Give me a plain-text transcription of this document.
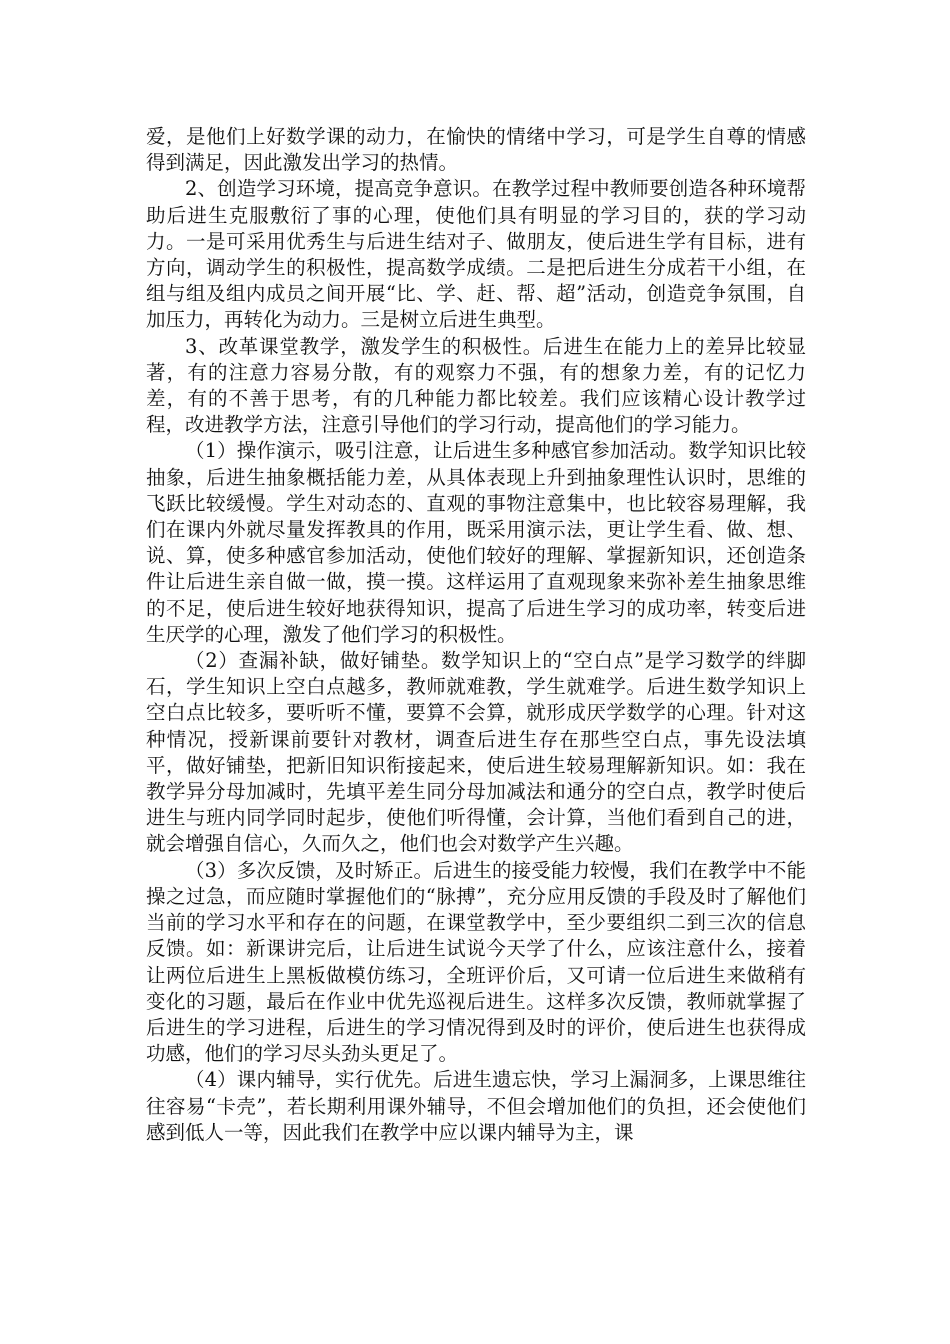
爱，是他们上好数学课的动力，在愉快的情绪中学习，可是学生自尊的情感得到满足，因此激发出学习的热情。

2、创造学习环境，提高竞争意识。在教学过程中教师要创造各种环境帮助后进生克服敷衍了事的心理，使他们具有明显的学习目的，获的学习动力。一是可采用优秀生与后进生结对子、做朋友，使后进生学有目标，进有方向，调动学生的积极性，提高数学成绩。二是把后进生分成若干小组，在组与组及组内成员之间开展“比、学、赶、帮、超”活动，创造竞争氛围，自加压力，再转化为动力。三是树立后进生典型。

3、改革课堂教学，激发学生的积极性。后进生在能力上的差异比较显著，有的注意力容易分散，有的观察力不强，有的想象力差，有的记忆力差，有的不善于思考，有的几种能力都比较差。我们应该精心设计教学过程，改进教学方法，注意引导他们的学习行动，提高他们的学习能力。

（1）操作演示，吸引注意，让后进生多种感官参加活动。数学知识比较抽象，后进生抽象概括能力差，从具体表现上升到抽象理性认识时，思维的飞跃比较缓慢。学生对动态的、直观的事物注意集中，也比较容易理解，我们在课内外就尽量发挥教具的作用，既采用演示法，更让学生看、做、想、说、算，使多种感官参加活动，使他们较好的理解、掌握新知识，还创造条件让后进生亲自做一做，摸一摸。这样运用了直观现象来弥补差生抽象思维的不足，使后进生较好地获得知识，提高了后进生学习的成功率，转变后进生厌学的心理，激发了他们学习的积极性。

（2）查漏补缺，做好铺垫。数学知识上的“空白点”是学习数学的绊脚石，学生知识上空白点越多，教师就难教，学生就难学。后进生数学知识上空白点比较多，要听听不懂，要算不会算，就形成厌学数学的心理。针对这种情况，授新课前要针对教材，调查后进生存在那些空白点，事先设法填平，做好铺垫，把新旧知识衔接起来，使后进生较易理解新知识。如：我在教学异分母加减时，先填平差生同分母加减法和通分的空白点，教学时使后进生与班内同学同时起步，使他们听得懂，会计算，当他们看到自己的进，就会增强自信心，久而久之，他们也会对数学产生兴趣。

（3）多次反馈，及时矫正。后进生的接受能力较慢，我们在教学中不能操之过急，而应随时掌握他们的“脉搏”，充分应用反馈的手段及时了解他们当前的学习水平和存在的问题，在课堂教学中，至少要组织二到三次的信息反馈。如：新课讲完后，让后进生试说今天学了什么，应该注意什么，接着让两位后进生上黑板做模仿练习，全班评价后，又可请一位后进生来做稍有变化的习题，最后在作业中优先巡视后进生。这样多次反馈，教师就掌握了后进生的学习进程，后进生的学习情况得到及时的评价，使后进生也获得成功感，他们的学习尽头劲头更足了。

（4）课内辅导，实行优先。后进生遗忘快，学习上漏洞多，上课思维往往容易“卡壳”，若长期利用课外辅导，不但会增加他们的负担，还会使他们感到低人一等，因此我们在教学中应以课内辅导为主，课
